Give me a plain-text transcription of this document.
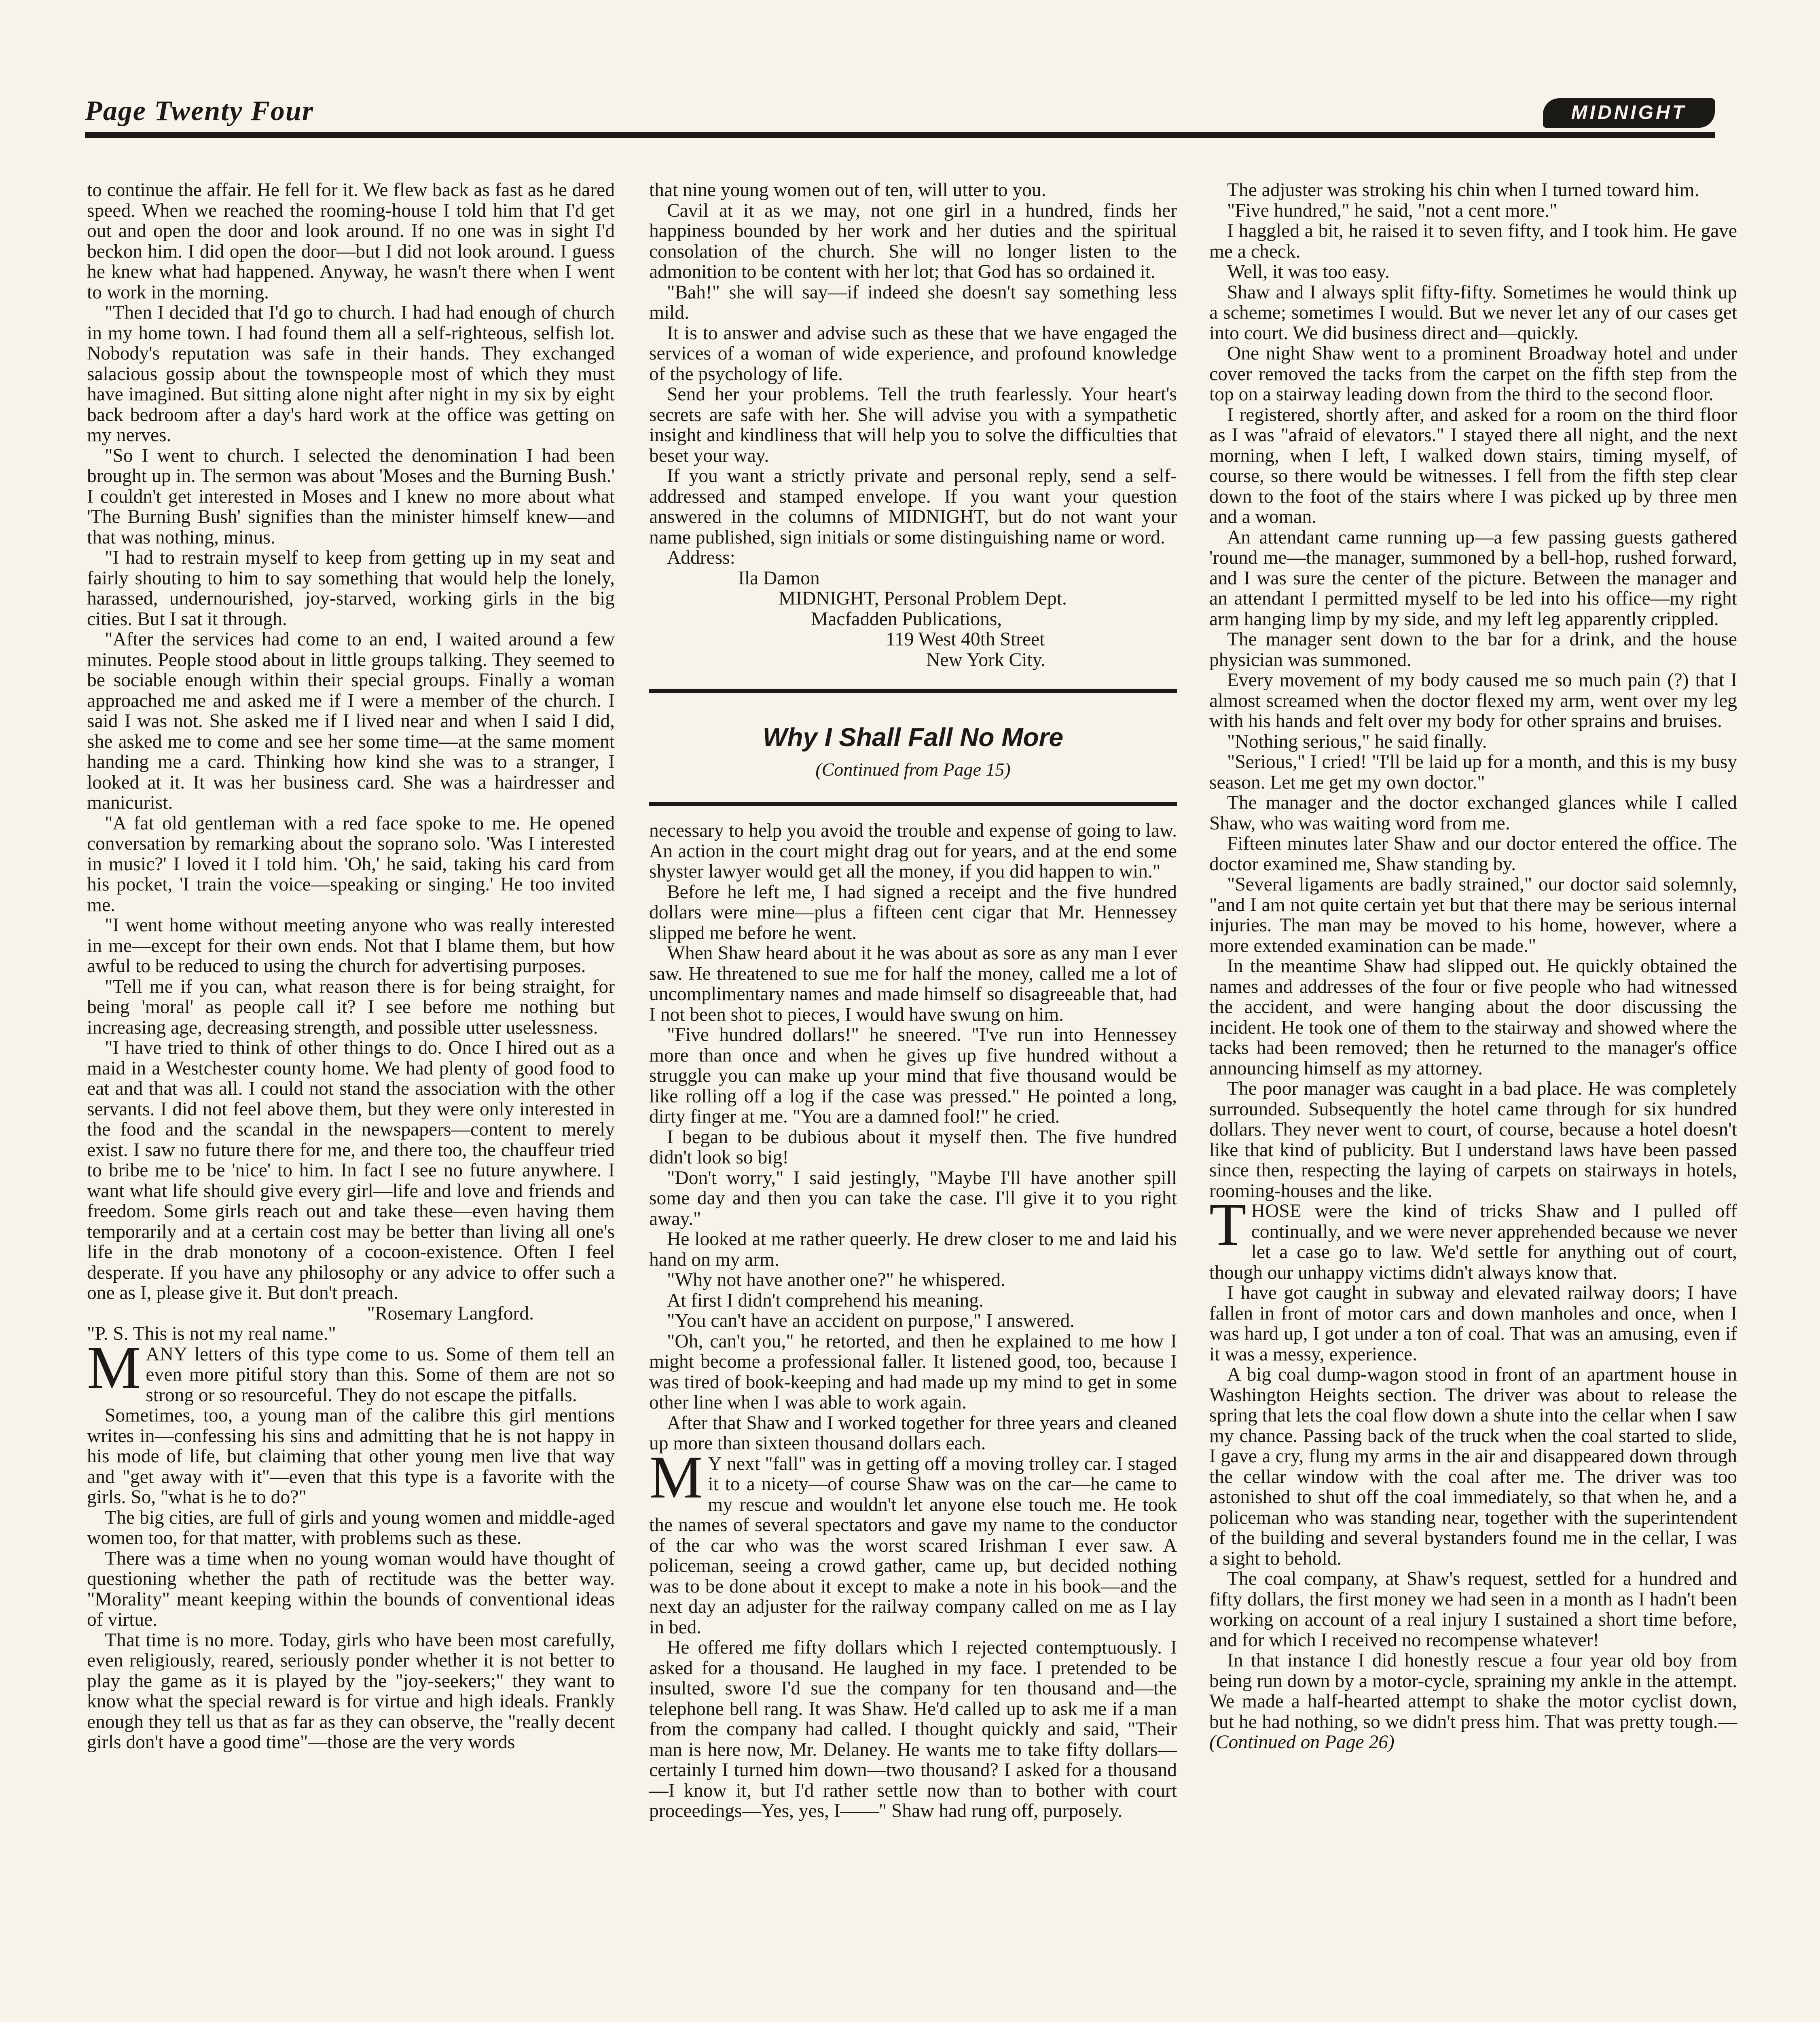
Page Twenty Four	MIDNIGHT

to continue the affair. He fell for it. We flew back as fast as he dared speed. When we reached the rooming-house I told him that I'd get out and open the door and look around. If no one was in sight I'd beckon him. I did open the door—but I did not look around. I guess he knew what had happened. Anyway, he wasn't there when I went to work in the morning.

"Then I decided that I'd go to church. I had had enough of church in my home town. I had found them all a self-righteous, selfish lot. Nobody's reputation was safe in their hands. They exchanged salacious gossip about the townspeople most of which they must have imagined. But sitting alone night after night in my six by eight back bedroom after a day's hard work at the office was getting on my nerves.

"So I went to church. I selected the denomination I had been brought up in. The sermon was about 'Moses and the Burning Bush.' I couldn't get interested in Moses and I knew no more about what 'The Burning Bush' signifies than the minister himself knew—and that was nothing, minus.

"I had to restrain myself to keep from getting up in my seat and fairly shouting to him to say something that would help the lonely, harassed, undernourished, joy-starved, working girls in the big cities. But I sat it through.

"After the services had come to an end, I waited around a few minutes. People stood about in little groups talking. They seemed to be sociable enough within their special groups. Finally a woman approached me and asked me if I were a member of the church. I said I was not. She asked me if I lived near and when I said I did, she asked me to come and see her some time—at the same moment handing me a card. Thinking how kind she was to a stranger, I looked at it. It was her business card. She was a hairdresser and manicurist.

"A fat old gentleman with a red face spoke to me. He opened conversation by remarking about the soprano solo. 'Was I interested in music?' I loved it I told him. 'Oh,' he said, taking his card from his pocket, 'I train the voice—speaking or singing.' He too invited me.

"I went home without meeting anyone who was really interested in me—except for their own ends. Not that I blame them, but how awful to be reduced to using the church for advertising purposes.

"Tell me if you can, what reason there is for being straight, for being 'moral' as people call it? I see before me nothing but increasing age, decreasing strength, and possible utter uselessness.

"I have tried to think of other things to do. Once I hired out as a maid in a Westchester county home. We had plenty of good food to eat and that was all. I could not stand the association with the other servants. I did not feel above them, but they were only interested in the food and the scandal in the newspapers—content to merely exist. I saw no future there for me, and there too, the chauffeur tried to bribe me to be 'nice' to him. In fact I see no future anywhere. I want what life should give every girl—life and love and friends and freedom. Some girls reach out and take these—even having them temporarily and at a certain cost may be better than living all one's life in the drab monotony of a cocoon-existence. Often I feel desperate. If you have any philosophy or any advice to offer such a one as I, please give it. But don't preach.

"Rosemary Langford.

"P. S. This is not my real name."

MANY letters of this type come to us. Some of them tell an even more pitiful story than this. Some of them are not so strong or so resourceful. They do not escape the pitfalls.

Sometimes, too, a young man of the calibre this girl mentions writes in—confessing his sins and admitting that he is not happy in his mode of life, but claiming that other young men live that way and "get away with it"—even that this type is a favorite with the girls. So, "what is he to do?"

The big cities, are full of girls and young women and middle-aged women too, for that matter, with problems such as these.

There was a time when no young woman would have thought of questioning whether the path of rectitude was the better way. "Morality" meant keeping within the bounds of conventional ideas of virtue.

That time is no more. Today, girls who have been most carefully, even religiously, reared, seriously ponder whether it is not better to play the game as it is played by the "joy-seekers;" they want to know what the special reward is for virtue and high ideals. Frankly enough they tell us that as far as they can observe, the "really decent girls don't have a good time"—those are the very words

that nine young women out of ten, will utter to you.

Cavil at it as we may, not one girl in a hundred, finds her happiness bounded by her work and her duties and the spiritual consolation of the church. She will no longer listen to the admonition to be content with her lot; that God has so ordained it.

"Bah!" she will say—if indeed she doesn't say something less mild.

It is to answer and advise such as these that we have engaged the services of a woman of wide experience, and profound knowledge of the psychology of life.

Send her your problems. Tell the truth fearlessly. Your heart's secrets are safe with her. She will advise you with a sympathetic insight and kindliness that will help you to solve the difficulties that beset your way.

If you want a strictly private and personal reply, send a self-addressed and stamped envelope. If you want your question answered in the columns of MIDNIGHT, but do not want your name published, sign initials or some distinguishing name or word.

Address:
Ila Damon
MIDNIGHT, Personal Problem Dept.
Macfadden Publications,
119 West 40th Street
New York City.
Why I Shall Fall No More
(Continued from Page 15)

necessary to help you avoid the trouble and expense of going to law. An action in the court might drag out for years, and at the end some shyster lawyer would get all the money, if you did happen to win."

Before he left me, I had signed a receipt and the five hundred dollars were mine—plus a fifteen cent cigar that Mr. Hennessey slipped me before he went.

When Shaw heard about it he was about as sore as any man I ever saw. He threatened to sue me for half the money, called me a lot of uncomplimentary names and made himself so disagreeable that, had I not been shot to pieces, I would have swung on him.

"Five hundred dollars!" he sneered. "I've run into Hennessey more than once and when he gives up five hundred without a struggle you can make up your mind that five thousand would be like rolling off a log if the case was pressed." He pointed a long, dirty finger at me. "You are a damned fool!" he cried.

I began to be dubious about it myself then. The five hundred didn't look so big!

"Don't worry," I said jestingly, "Maybe I'll have another spill some day and then you can take the case. I'll give it to you right away."

He looked at me rather queerly. He drew closer to me and laid his hand on my arm.

"Why not have another one?" he whispered.

At first I didn't comprehend his meaning.

"You can't have an accident on purpose," I answered.

"Oh, can't you," he retorted, and then he explained to me how I might become a professional faller. It listened good, too, because I was tired of book-keeping and had made up my mind to get in some other line when I was able to work again.

After that Shaw and I worked together for three years and cleaned up more than sixteen thousand dollars each.

M Y next "fall" was in getting off a moving trolley car. I staged it to a nicety—of course Shaw was on the car—he came to my rescue and wouldn't let anyone else touch me. He took the names of several spectators and gave my name to the conductor of the car who was the worst scared Irishman I ever saw. A policeman, seeing a crowd gather, came up, but decided nothing was to be done about it except to make a note in his book—and the next day an adjuster for the railway company called on me as I lay in bed.

He offered me fifty dollars which I rejected contemptuously. I asked for a thousand. He laughed in my face. I pretended to be insulted, swore I'd sue the company for ten thousand and—the telephone bell rang. It was Shaw. He'd called up to ask me if a man from the company had called. I thought quickly and said, "Their man is here now, Mr. Delaney. He wants me to take fifty dollars—certainly I turned him down—two thousand? I asked for a thousand—I know it, but I'd rather settle now than to bother with court proceedings—Yes, yes, I——" Shaw had rung off, purposely.

The adjuster was stroking his chin when I turned toward him.

"Five hundred," he said, "not a cent more."

I haggled a bit, he raised it to seven fifty, and I took him. He gave me a check.

Well, it was too easy.

Shaw and I always split fifty-fifty. Sometimes he would think up a scheme; sometimes I would. But we never let any of our cases get into court. We did business direct and—quickly.

One night Shaw went to a prominent Broadway hotel and under cover removed the tacks from the carpet on the fifth step from the top on a stairway leading down from the third to the second floor.

I registered, shortly after, and asked for a room on the third floor as I was "afraid of elevators." I stayed there all night, and the next morning, when I left, I walked down stairs, timing myself, of course, so there would be witnesses. I fell from the fifth step clear down to the foot of the stairs where I was picked up by three men and a woman.

An attendant came running up—a few passing guests gathered 'round me—the manager, summoned by a bell-hop, rushed forward, and I was sure the center of the picture. Between the manager and an attendant I permitted myself to be led into his office—my right arm hanging limp by my side, and my left leg apparently crippled.

The manager sent down to the bar for a drink, and the house physician was summoned.

Every movement of my body caused me so much pain (?) that I almost screamed when the doctor flexed my arm, went over my leg with his hands and felt over my body for other sprains and bruises.

"Nothing serious," he said finally.

"Serious," I cried! "I'll be laid up for a month, and this is my busy season. Let me get my own doctor."

The manager and the doctor exchanged glances while I called Shaw, who was waiting word from me.

Fifteen minutes later Shaw and our doctor entered the office. The doctor examined me, Shaw standing by.

"Several ligaments are badly strained," our doctor said solemnly, "and I am not quite certain yet but that there may be serious internal injuries. The man may be moved to his home, however, where a more extended examination can be made."

In the meantime Shaw had slipped out. He quickly obtained the names and addresses of the four or five people who had witnessed the accident, and were hanging about the door discussing the incident. He took one of them to the stairway and showed where the tacks had been removed; then he returned to the manager's office announcing himself as my attorney.

The poor manager was caught in a bad place. He was completely surrounded. Subsequently the hotel came through for six hundred dollars. They never went to court, of course, because a hotel doesn't like that kind of publicity. But I understand laws have been passed since then, respecting the laying of carpets on stairways in hotels, rooming-houses and the like.

THOSE were the kind of tricks Shaw and I pulled off continually, and we were never apprehended because we never let a case go to law. We'd settle for anything out of court, though our unhappy victims didn't always know that.

I have got caught in subway and elevated railway doors; I have fallen in front of motor cars and down manholes and once, when I was hard up, I got under a ton of coal. That was an amusing, even if it was a messy, experience.

A big coal dump-wagon stood in front of an apartment house in Washington Heights section. The driver was about to release the spring that lets the coal flow down a shute into the cellar when I saw my chance. Passing back of the truck when the coal started to slide, I gave a cry, flung my arms in the air and disappeared down through the cellar window with the coal after me. The driver was too astonished to shut off the coal immediately, so that when he, and a policeman who was standing near, together with the superintendent of the building and several bystanders found me in the cellar, I was a sight to behold.

The coal company, at Shaw's request, settled for a hundred and fifty dollars, the first money we had seen in a month as I hadn't been working on account of a real injury I sustained a short time before, and for which I received no recompense whatever!

In that instance I did honestly rescue a four year old boy from being run down by a motor-cycle, spraining my ankle in the attempt. We made a half-hearted attempt to shake the motor cyclist down, but he had nothing, so we didn't press him. That was pretty tough.—(Continued on Page 26)
